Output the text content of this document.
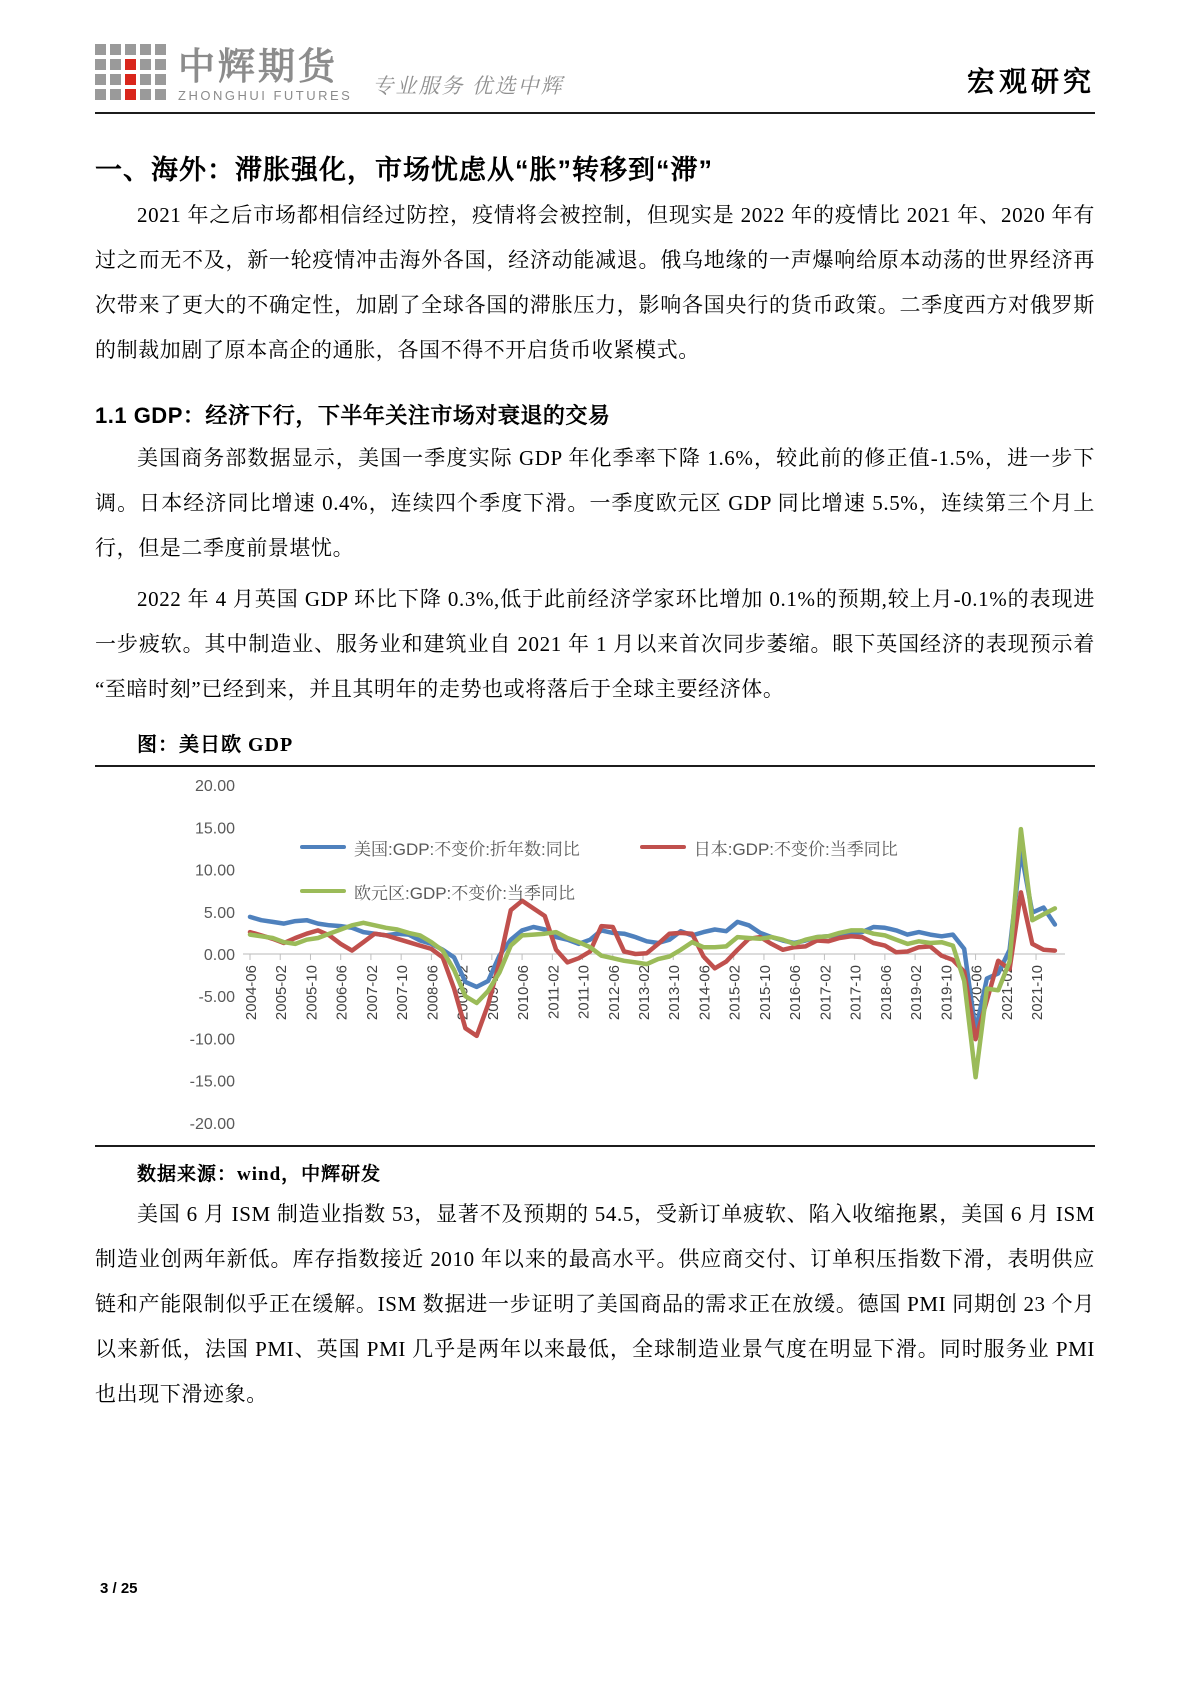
中辉期货
ZHONGHUI FUTURES 专业服务 优选中辉	宏观研究
一、海外：滞胀强化，市场忧虑从“胀”转移到“滞”

2021 年之后市场都相信经过防控，疫情将会被控制，但现实是 2022 年的疫情比 2021 年、2020 年有过之而无不及，新一轮疫情冲击海外各国，经济动能减退。俄乌地缘的一声爆响给原本动荡的世界经济再次带来了更大的不确定性，加剧了全球各国的滞胀压力，影响各国央行的货币政策。二季度西方对俄罗斯的制裁加剧了原本高企的通胀，各国不得不开启货币收紧模式。

1.1 GDP：经济下行，下半年关注市场对衰退的交易

美国商务部数据显示，美国一季度实际 GDP 年化季率下降 1.6%，较此前的修正值-1.5%，进一步下调。日本经济同比增速 0.4%，连续四个季度下滑。一季度欧元区 GDP 同比增速 5.5%，连续第三个月上行，但是二季度前景堪忧。

2022 年 4 月英国 GDP 环比下降 0.3%,低于此前经济学家环比增加 0.1%的预期,较上月-0.1%的表现进一步疲软。其中制造业、服务业和建筑业自 2021 年 1 月以来首次同步萎缩。眼下英国经济的表现预示着“至暗时刻”已经到来，并且其明年的走势也或将落后于全球主要经济体。

图：美日欧 GDP
20.00
15.00
10.00
5.00
0.00
-5.00
-10.00
-15.00
-20.00
2004-06 2005-02 2005-10 2006-06 2007-02 2007-10 2008-06 2009-02 2009-10 2010-06 2011-02 2011-10 2012-06 2013-02 2013-10 2014-06 2015-02 2015-10 2016-06 2017-02 2017-10 2018-06 2019-02 2019-10 2020-06 2021-02 2021-10
美国:GDP:不变价:折年数:同比	日本:GDP:不变价:当季同比
欧元区:GDP:不变价:当季同比
数据来源：wind，中辉研发

美国 6 月 ISM 制造业指数 53，显著不及预期的 54.5，受新订单疲软、陷入收缩拖累，美国 6 月 ISM 制造业创两年新低。库存指数接近 2010 年以来的最高水平。供应商交付、订单积压指数下滑，表明供应链和产能限制似乎正在缓解。ISM 数据进一步证明了美国商品的需求正在放缓。德国 PMI 同期创 23 个月以来新低，法国 PMI、英国 PMI 几乎是两年以来最低，全球制造业景气度在明显下滑。同时服务业 PMI 也出现下滑迹象。

3 / 25
